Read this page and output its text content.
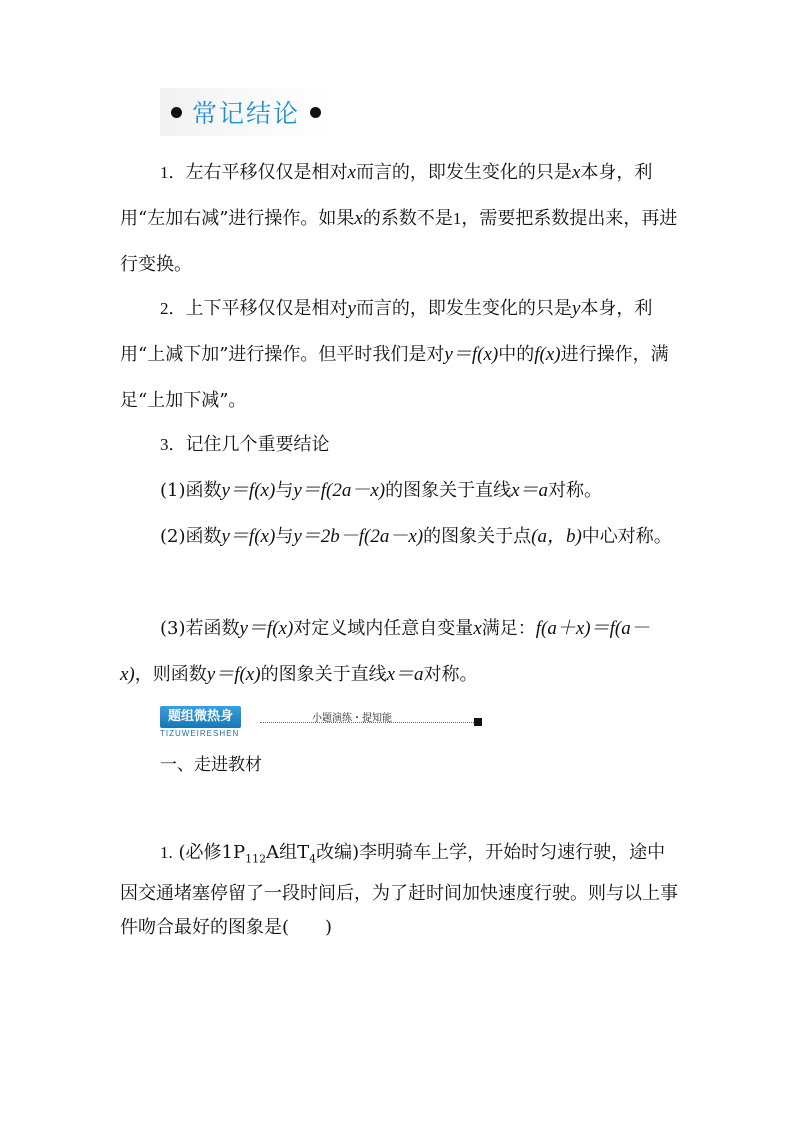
常记结论
1．左右平移仅仅是相对x而言的，即发生变化的只是x本身，利用“左加右减”进行操作。如果x的系数不是1，需要把系数提出来，再进行变换。
2．上下平移仅仅是相对y而言的，即发生变化的只是y本身，利用“上减下加”进行操作。但平时我们是对y＝f(x)中的f(x)进行操作，满足“上加下减”。
3．记住几个重要结论
(1)函数y＝f(x)与y＝f(2a－x)的图象关于直线x＝a对称。
(2)函数y＝f(x)与y＝2b－f(2a－x)的图象关于点(a，b)中心对称。
(3)若函数y＝f(x)对定义域内任意自变量x满足：f(a＋x)＝f(a－x)，则函数y＝f(x)的图象关于直线x＝a对称。
题组微热身
TIZUWEIRESHEN
小题演练・提知能
一、走进教材
1. (必修$1P_{112}A$组$T_4$改编)李明骑车上学，开始时匀速行驶，途中因交通堵塞停留了一段时间后，为了赶时间加快速度行驶。则与以上事件吻合最好的图象是(　　)
